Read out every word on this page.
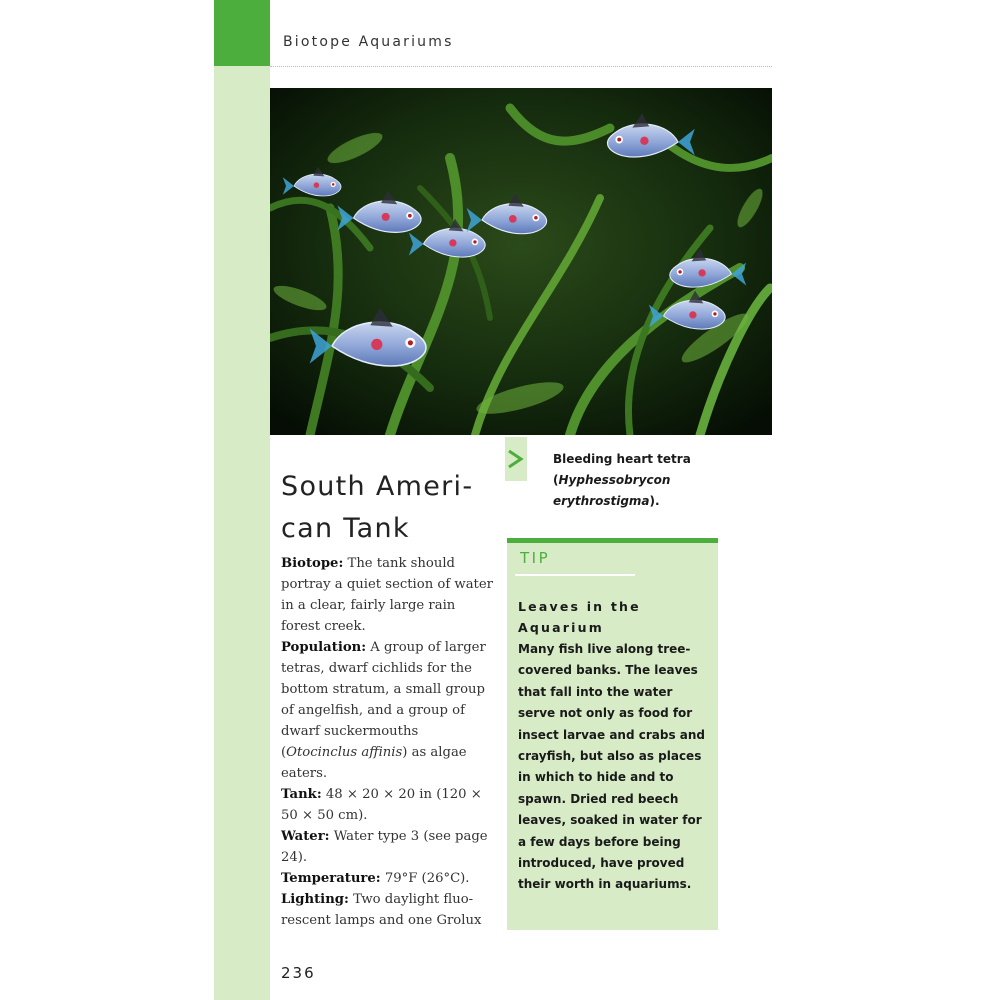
Biotope Aquariums
Bleeding heart tetra
(Hyphessobrycon
erythrostigma).
South Ameri-
can Tank

Biotope: The tank should portray a quiet section of water in a clear, fairly large rain forest creek.

Population: A group of larger tetras, dwarf cichlids for the bottom stratum, a small group of angelfish, and a group of dwarf suckermouths (Otocinclus affinis) as algae eaters.

Tank: 48 × 20 × 20 in (120 × 50 × 50 cm).

Water: Water type 3 (see page 24).

Temperature: 79°F (26°C).

Lighting: Two daylight fluo-rescent lamps and one Grolux

TIP
Leaves in the Aquarium
Many fish live along tree-covered banks. The leaves that fall into the water serve not only as food for insect larvae and crabs and crayfish, but also as places in which to hide and to spawn. Dried red beech leaves, soaked in water for a few days before being introduced, have proved their worth in aquariums.
236
